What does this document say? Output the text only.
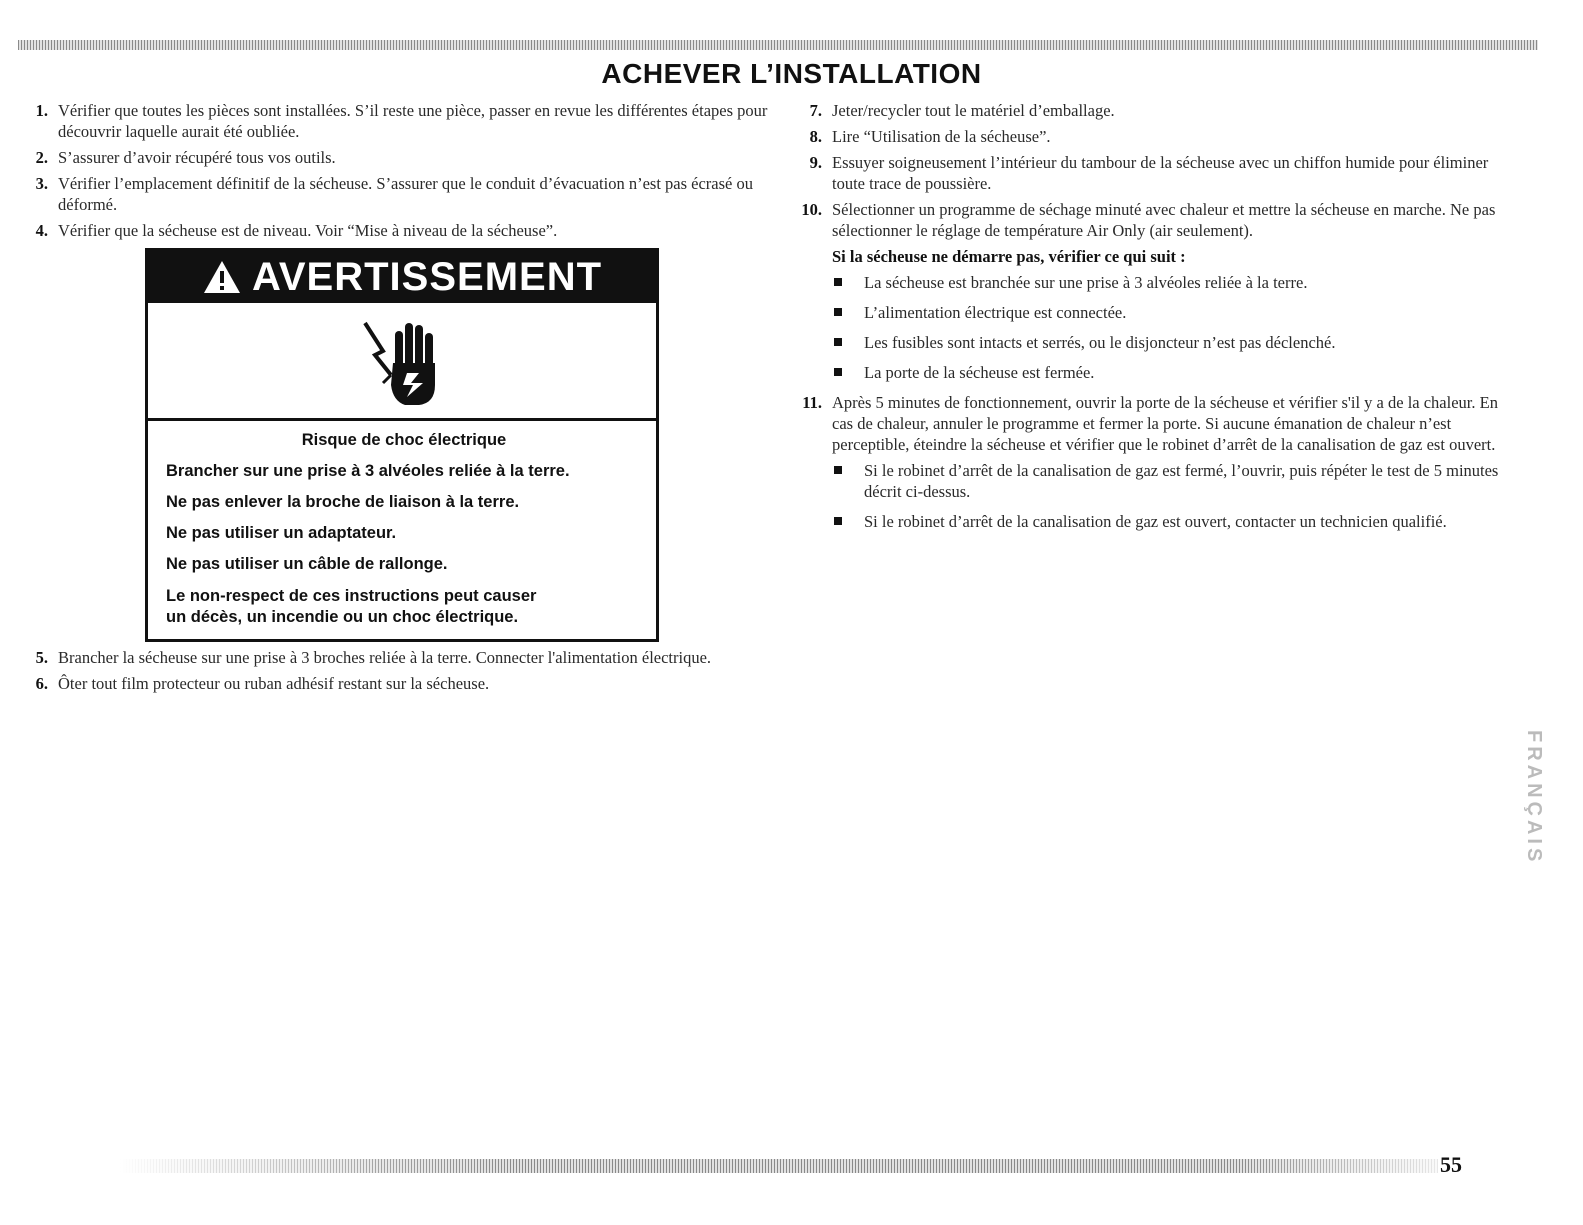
ACHEVER L’INSTALLATION
1. Vérifier que toutes les pièces sont installées. S’il reste une pièce, passer en revue les différentes étapes pour découvrir laquelle aurait été oubliée.
2. S’assurer d’avoir récupéré tous vos outils.
3. Vérifier l’emplacement définitif de la sécheuse. S’assurer que le conduit d’évacuation n’est pas écrasé ou déformé.
4. Vérifier que la sécheuse est de niveau. Voir “Mise à niveau de la sécheuse”.
5. Brancher la sécheuse sur une prise à 3 broches reliée à la terre. Connecter l'alimentation électrique.
6. Ôter tout film protecteur ou ruban adhésif restant sur la sécheuse.
AVERTISSEMENT
Risque de choc électrique
Brancher sur une prise à 3 alvéoles reliée à la terre.
Ne pas enlever la broche de liaison à la terre.
Ne pas utiliser un adaptateur.
Ne pas utiliser un câble de rallonge.
Le non-respect de ces instructions peut causer
un décès, un incendie ou un choc électrique.
7. Jeter/recycler tout le matériel d’emballage.
8. Lire “Utilisation de la sécheuse”.
9. Essuyer soigneusement l’intérieur du tambour de la sécheuse avec un chiffon humide pour éliminer toute trace de poussière.
10. Sélectionner un programme de séchage minuté avec chaleur et mettre la sécheuse en marche. Ne pas sélectionner le réglage de température Air Only (air seulement).
Si la sécheuse ne démarre pas, vérifier ce qui suit :
La sécheuse est branchée sur une prise à 3 alvéoles reliée à la terre.
L’alimentation électrique est connectée.
Les fusibles sont intacts et serrés, ou le disjoncteur n’est pas déclenché.
La porte de la sécheuse est fermée.
11. Après 5 minutes de fonctionnement, ouvrir la porte de la sécheuse et vérifier s'il y a de la chaleur. En cas de chaleur, annuler le programme et fermer la porte. Si aucune émanation de chaleur n’est perceptible, éteindre la sécheuse et vérifier que le robinet d’arrêt de la canalisation de gaz est ouvert.
Si le robinet d’arrêt de la canalisation de gaz est fermé, l’ouvrir, puis répéter le test de 5 minutes décrit ci-dessus.
Si le robinet d’arrêt de la canalisation de gaz est ouvert, contacter un technicien qualifié.
FRANÇAIS
55
